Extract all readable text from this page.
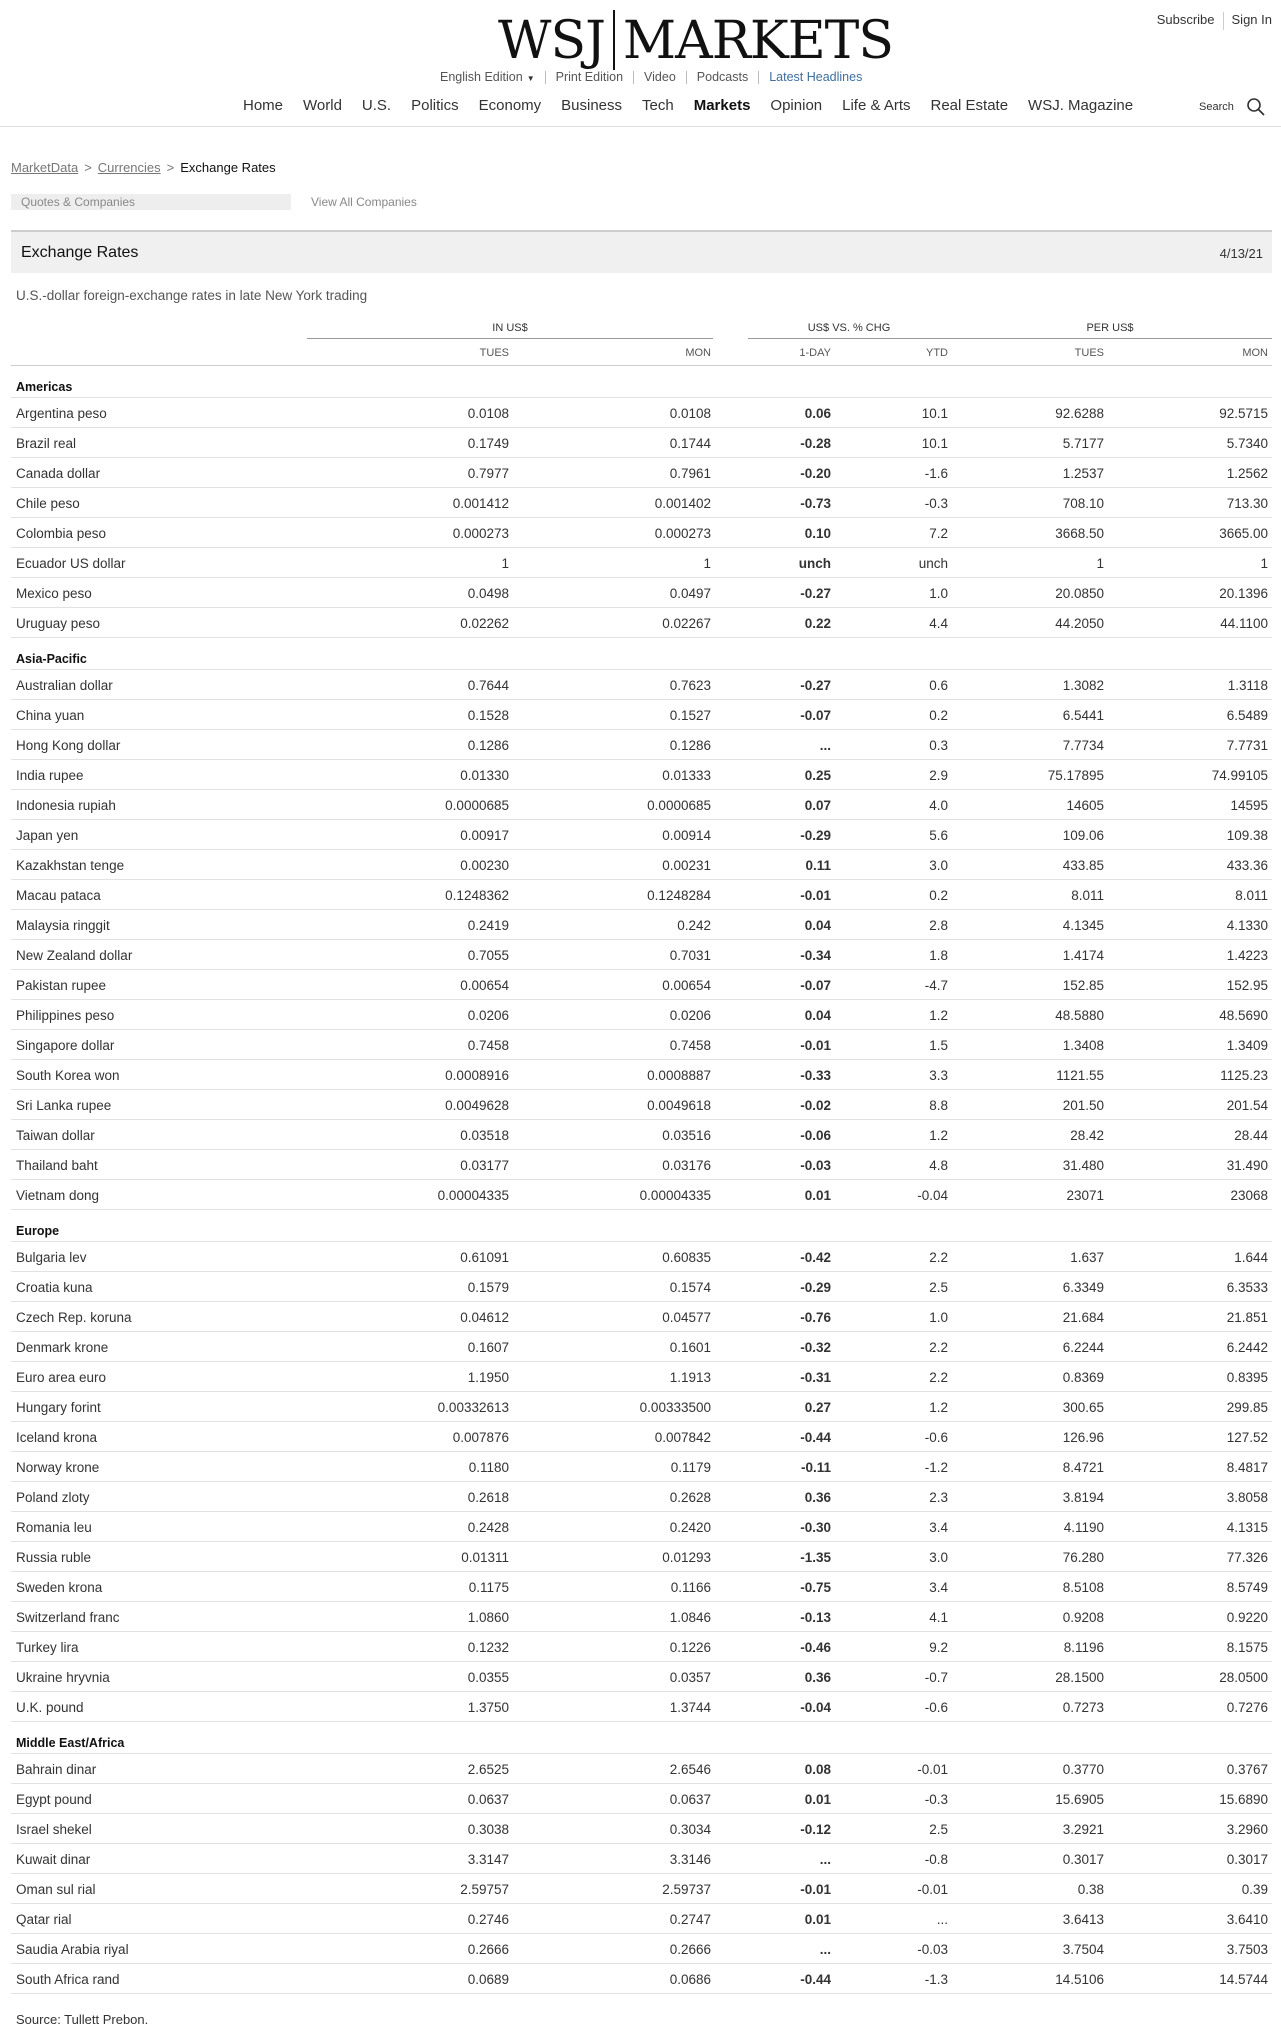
WSJ MARKETS	Subscribe Sign In
English Edition ▼ Print Edition Video Podcasts Latest Headlines
Home World U.S. Politics Economy Business Tech Markets Opinion Life & Arts Real Estate WSJ. Magazine	Search
MarketData > Currencies > Exchange Rates
Quotes & Companies	View All Companies
Exchange Rates	4/13/21
U.S.-dollar foreign-exchange rates in late New York trading
IN US$	US$ VS. % CHG	PER US$
TUES	MON	1-DAY	YTD	TUES	MON
Americas
Argentina peso	0.0108	0.0108	0.06	10.1	92.6288	92.5715
Brazil real	0.1749	0.1744	-0.28	10.1	5.7177	5.7340
Canada dollar	0.7977	0.7961	-0.20	-1.6	1.2537	1.2562
Chile peso	0.001412	0.001402	-0.73	-0.3	708.10	713.30
Colombia peso	0.000273	0.000273	0.10	7.2	3668.50	3665.00
Ecuador US dollar	1	1	unch	unch	1	1
Mexico peso	0.0498	0.0497	-0.27	1.0	20.0850	20.1396
Uruguay peso	0.02262	0.02267	0.22	4.4	44.2050	44.1100
Asia-Pacific
Australian dollar	0.7644	0.7623	-0.27	0.6	1.3082	1.3118
China yuan	0.1528	0.1527	-0.07	0.2	6.5441	6.5489
Hong Kong dollar	0.1286	0.1286	...	0.3	7.7734	7.7731
India rupee	0.01330	0.01333	0.25	2.9	75.17895	74.99105
Indonesia rupiah	0.0000685	0.0000685	0.07	4.0	14605	14595
Japan yen	0.00917	0.00914	-0.29	5.6	109.06	109.38
Kazakhstan tenge	0.00230	0.00231	0.11	3.0	433.85	433.36
Macau pataca	0.1248362	0.1248284	-0.01	0.2	8.011	8.011
Malaysia ringgit	0.2419	0.242	0.04	2.8	4.1345	4.1330
New Zealand dollar	0.7055	0.7031	-0.34	1.8	1.4174	1.4223
Pakistan rupee	0.00654	0.00654	-0.07	-4.7	152.85	152.95
Philippines peso	0.0206	0.0206	0.04	1.2	48.5880	48.5690
Singapore dollar	0.7458	0.7458	-0.01	1.5	1.3408	1.3409
South Korea won	0.0008916	0.0008887	-0.33	3.3	1121.55	1125.23
Sri Lanka rupee	0.0049628	0.0049618	-0.02	8.8	201.50	201.54
Taiwan dollar	0.03518	0.03516	-0.06	1.2	28.42	28.44
Thailand baht	0.03177	0.03176	-0.03	4.8	31.480	31.490
Vietnam dong	0.00004335	0.00004335	0.01	-0.04	23071	23068
Europe
Bulgaria lev	0.61091	0.60835	-0.42	2.2	1.637	1.644
Croatia kuna	0.1579	0.1574	-0.29	2.5	6.3349	6.3533
Czech Rep. koruna	0.04612	0.04577	-0.76	1.0	21.684	21.851
Denmark krone	0.1607	0.1601	-0.32	2.2	6.2244	6.2442
Euro area euro	1.1950	1.1913	-0.31	2.2	0.8369	0.8395
Hungary forint	0.00332613	0.00333500	0.27	1.2	300.65	299.85
Iceland krona	0.007876	0.007842	-0.44	-0.6	126.96	127.52
Norway krone	0.1180	0.1179	-0.11	-1.2	8.4721	8.4817
Poland zloty	0.2618	0.2628	0.36	2.3	3.8194	3.8058
Romania leu	0.2428	0.2420	-0.30	3.4	4.1190	4.1315
Russia ruble	0.01311	0.01293	-1.35	3.0	76.280	77.326
Sweden krona	0.1175	0.1166	-0.75	3.4	8.5108	8.5749
Switzerland franc	1.0860	1.0846	-0.13	4.1	0.9208	0.9220
Turkey lira	0.1232	0.1226	-0.46	9.2	8.1196	8.1575
Ukraine hryvnia	0.0355	0.0357	0.36	-0.7	28.1500	28.0500
U.K. pound	1.3750	1.3744	-0.04	-0.6	0.7273	0.7276
Middle East/Africa
Bahrain dinar	2.6525	2.6546	0.08	-0.01	0.3770	0.3767
Egypt pound	0.0637	0.0637	0.01	-0.3	15.6905	15.6890
Israel shekel	0.3038	0.3034	-0.12	2.5	3.2921	3.2960
Kuwait dinar	3.3147	3.3146	...	-0.8	0.3017	0.3017
Oman sul rial	2.59757	2.59737	-0.01	-0.01	0.38	0.39
Qatar rial	0.2746	0.2747	0.01	...	3.6413	3.6410
Saudia Arabia riyal	0.2666	0.2666	...	-0.03	3.7504	3.7503
South Africa rand	0.0689	0.0686	-0.44	-1.3	14.5106	14.5744
Source: Tullett Prebon.
